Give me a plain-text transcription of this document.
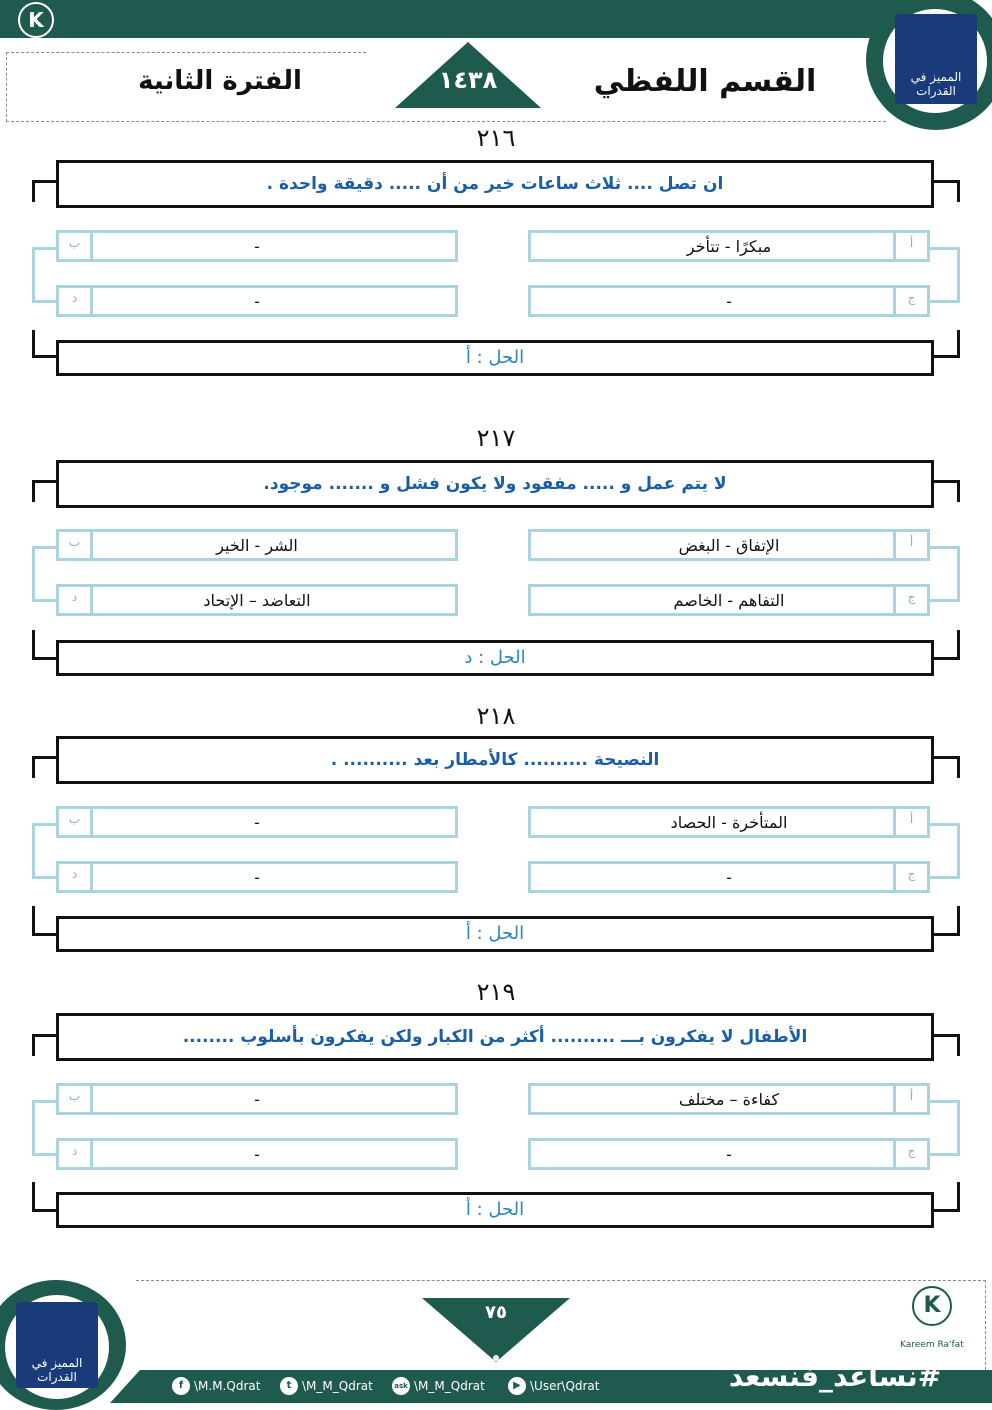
K
Kareem Ra'fat
١٤٣٨	القسم اللفظي
الفترة الثانية	المميز في القدرات
٢١٦
ان تصل .... ثلاث ساعات خير من أن ..... دقيقة واحدة .
أ
مبكرًا - تتأخر
ب	-
ج
-
د	-
الحل : أ
٢١٧
لا يتم عمل و ..... مفقود ولا يكون فشل و ....... موجود.
أ
الإتفاق - البغض
ب	الشر - الخير
ج
التفاهم - الخاصم
د	التعاضد – الإتحاد
الحل : د
٢١٨
النصيحة .......... كالأمطار بعد .......... .
أ
المتأخرة - الحصاد
ب	-
ج
-
د	-
الحل : أ
٢١٩
الأطفال لا يفكرون بـــ .......... أكثر من الكبار ولكن يفكرون بأسلوب ........
أ
كفاءة – مختلف
ب	-
ج
-
د	-
الحل : أ
٧٥
المميز في القدرات
K
Kareem Ra'fat
f \M.M.Qdrat	t \M_M_Qdrat	ask \M_M_Qdrat	▶ \User\Qdrat	#نساعد_فنسعد
